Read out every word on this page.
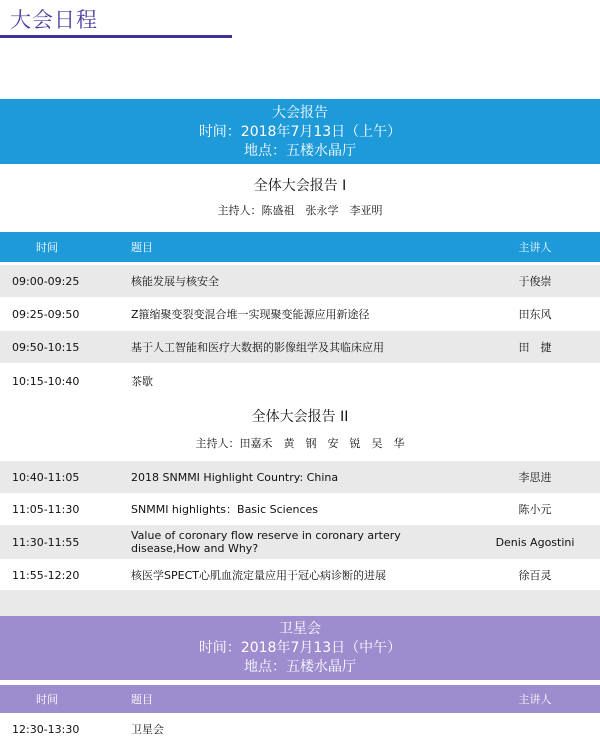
大会日程
大会报告
时间：2018年7月13日（上午）
地点：五楼水晶厅
全体大会报告 I
主持人：陈盛祖　张永学　李亚明
时间	题目	主讲人
09:00-09:25	核能发展与核安全	于俊崇
09:25-09:50	Z箍缩聚变裂变混合堆一实现聚变能源应用新途径	田东风
09:50-10:15	基于人工智能和医疗大数据的影像组学及其临床应用	田　捷
10:15-10:40	茶歇
全体大会报告 II
主持人：田嘉禾　黄　钢　安　锐　吴　华
10:40-11:05	2018 SNMMI Highlight Country: China	李思进
11:05-11:30	SNMMI highlights：Basic Sciences	陈小元
11:30-11:55	Value of coronary flow reserve in coronary artery disease,How and Why?	Denis Agostini
11:55-12:20	核医学SPECT心肌血流定量应用于冠心病诊断的进展	徐百灵
卫星会
时间：2018年7月13日（中午）
地点：五楼水晶厅
时间	题目	主讲人
12:30-13:30	卫星会
